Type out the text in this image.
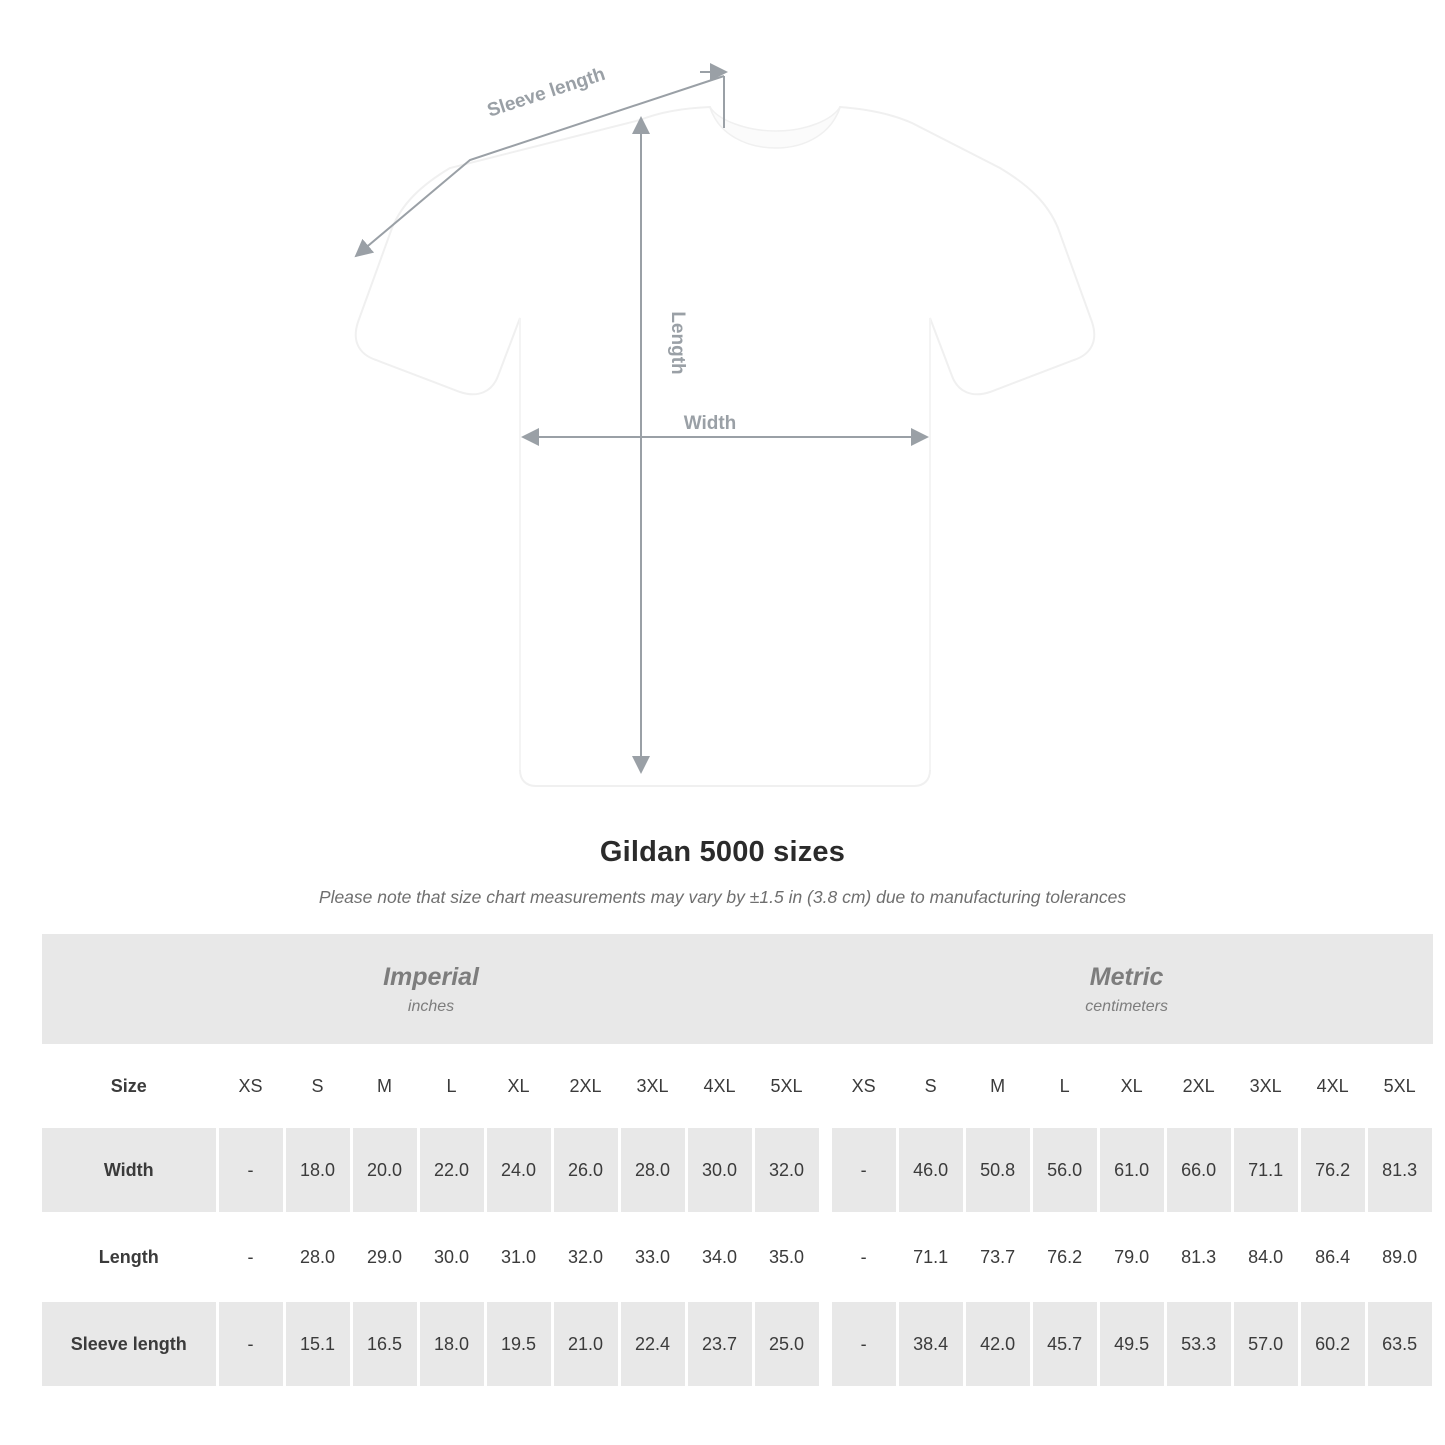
Sleeve length
Length
Width
Gildan 5000 sizes
Please note that size chart measurements may vary by ±1.5 in (3.8 cm) due to manufacturing tolerances
Imperial
inches

Metric
centimeters

Size	XS	S	M	L	XL	2XL	3XL	4XL	5XL		XS	S	M	L	XL	2XL	3XL	4XL	5XL
Width	-	18.0	20.0	22.0	24.0	26.0	28.0	30.0	32.0		-	46.0	50.8	56.0	61.0	66.0	71.1	76.2	81.3
Length	-	28.0	29.0	30.0	31.0	32.0	33.0	34.0	35.0		-	71.1	73.7	76.2	79.0	81.3	84.0	86.4	89.0
Sleeve length	-	15.1	16.5	18.0	19.5	21.0	22.4	23.7	25.0		-	38.4	42.0	45.7	49.5	53.3	57.0	60.2	63.5
